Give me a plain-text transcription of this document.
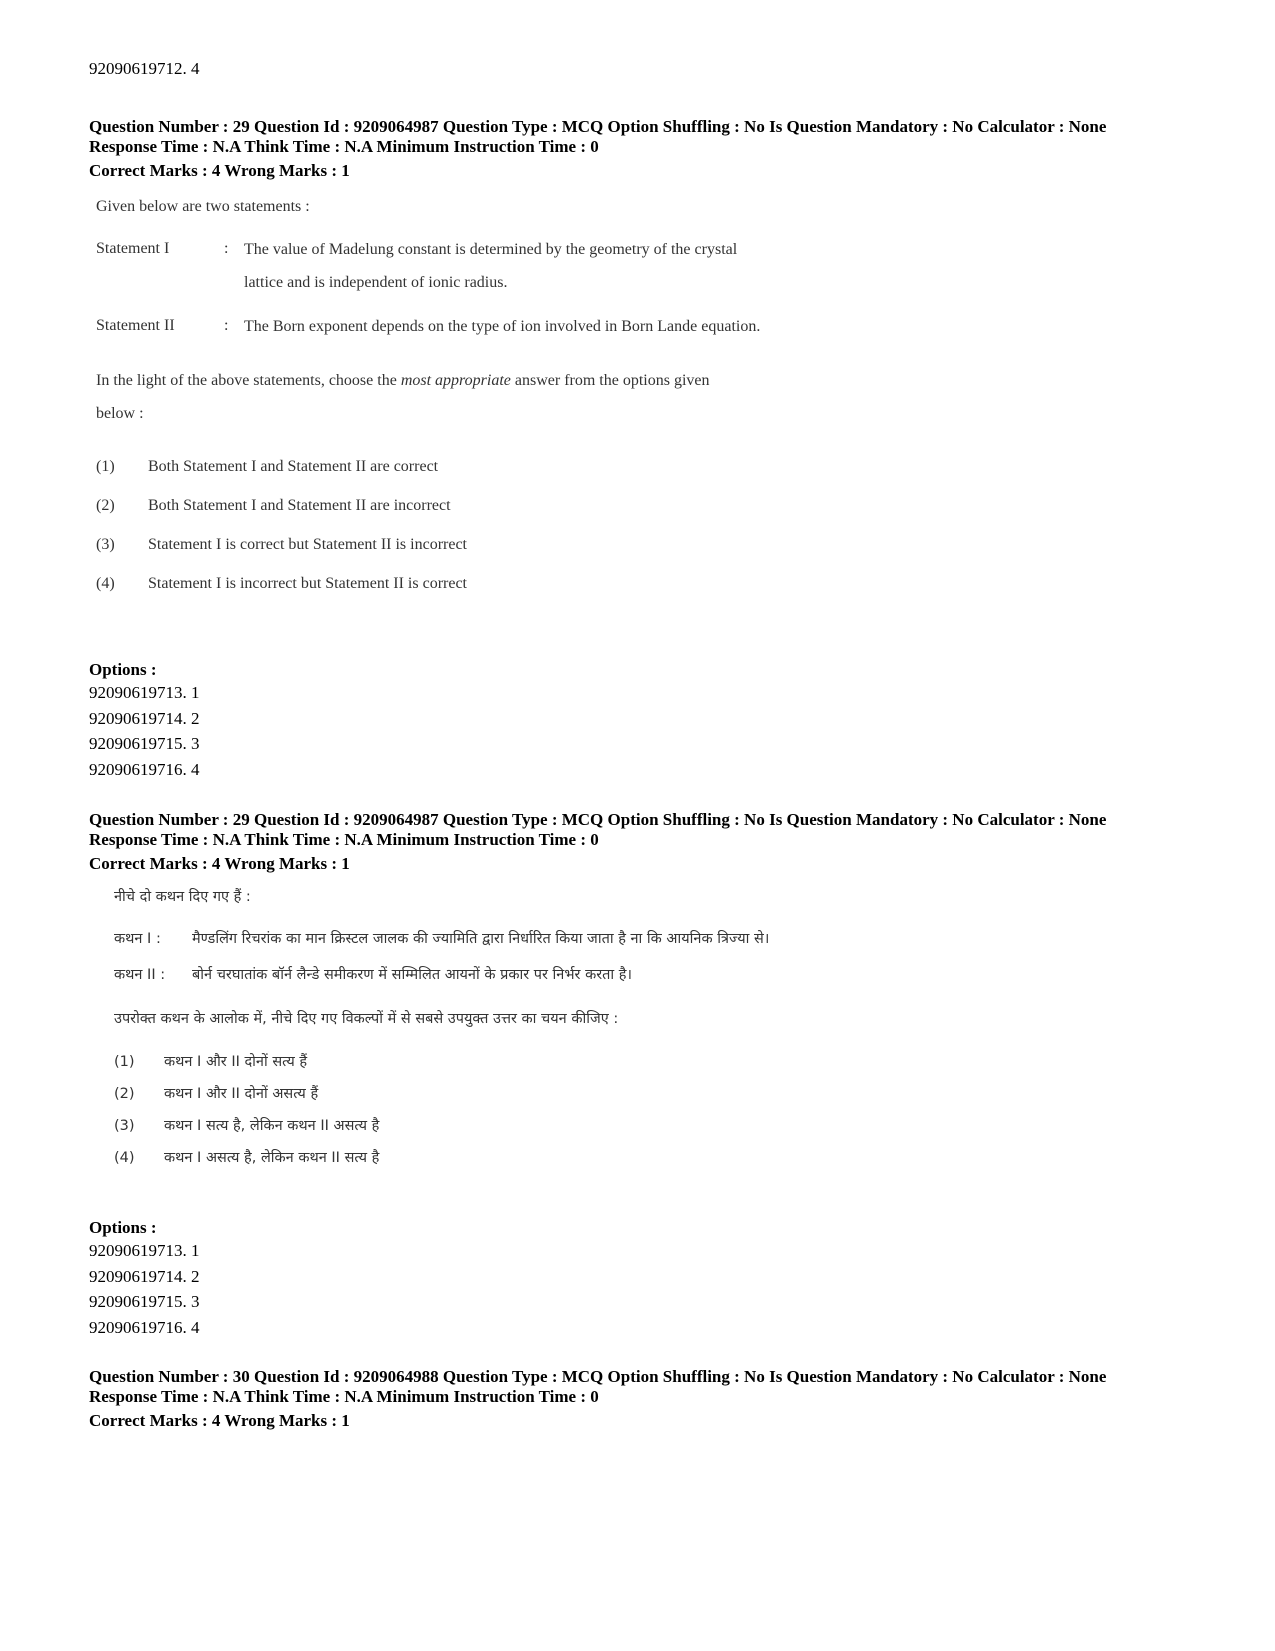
92090619712. 4
Question Number : 29 Question Id : 9209064987 Question Type : MCQ Option Shuffling : No Is Question Mandatory : No Calculator : None
Response Time : N.A Think Time : N.A Minimum Instruction Time : 0
Correct Marks : 4 Wrong Marks : 1

Given below are two statements :

Statement I	: The value of Madelung constant is determined by the geometry of the crystal lattice and is independent of ionic radius.
Statement II	: The Born exponent depends on the type of ion involved in Born Lande equation.

In the light of the above statements, choose the most appropriate answer from the options given below :

(1)	Both Statement I and Statement II are correct
(2)	Both Statement I and Statement II are incorrect
(3)	Statement I is correct but Statement II is incorrect
(4)	Statement I is incorrect but Statement II is correct
Options :
92090619713. 1
92090619714. 2
92090619715. 3
92090619716. 4
Question Number : 29 Question Id : 9209064987 Question Type : MCQ Option Shuffling : No Is Question Mandatory : No Calculator : None
Response Time : N.A Think Time : N.A Minimum Instruction Time : 0
Correct Marks : 4 Wrong Marks : 1

नीचे दो कथन दिए गए हैं :

कथन I :	मैण्डलिंग रिचरांक का मान क्रिस्टल जालक की ज्यामिति द्वारा निर्धारित किया जाता है ना कि आयनिक त्रिज्या से।
कथन II :	बोर्न चरघातांक बॉर्न लैन्डे समीकरण में सम्मिलित आयनों के प्रकार पर निर्भर करता है।

उपरोक्त कथन के आलोक में, नीचे दिए गए विकल्पों में से सबसे उपयुक्त उत्तर का चयन कीजिए :

(1)	कथन I और II दोनों सत्य हैं
(2)	कथन I और II दोनों असत्य हैं
(3)	कथन I सत्य है, लेकिन कथन II असत्य है
(4)	कथन I असत्य है, लेकिन कथन II सत्य है
Options :
92090619713. 1
92090619714. 2
92090619715. 3
92090619716. 4
Question Number : 30 Question Id : 9209064988 Question Type : MCQ Option Shuffling : No Is Question Mandatory : No Calculator : None
Response Time : N.A Think Time : N.A Minimum Instruction Time : 0
Correct Marks : 4 Wrong Marks : 1
